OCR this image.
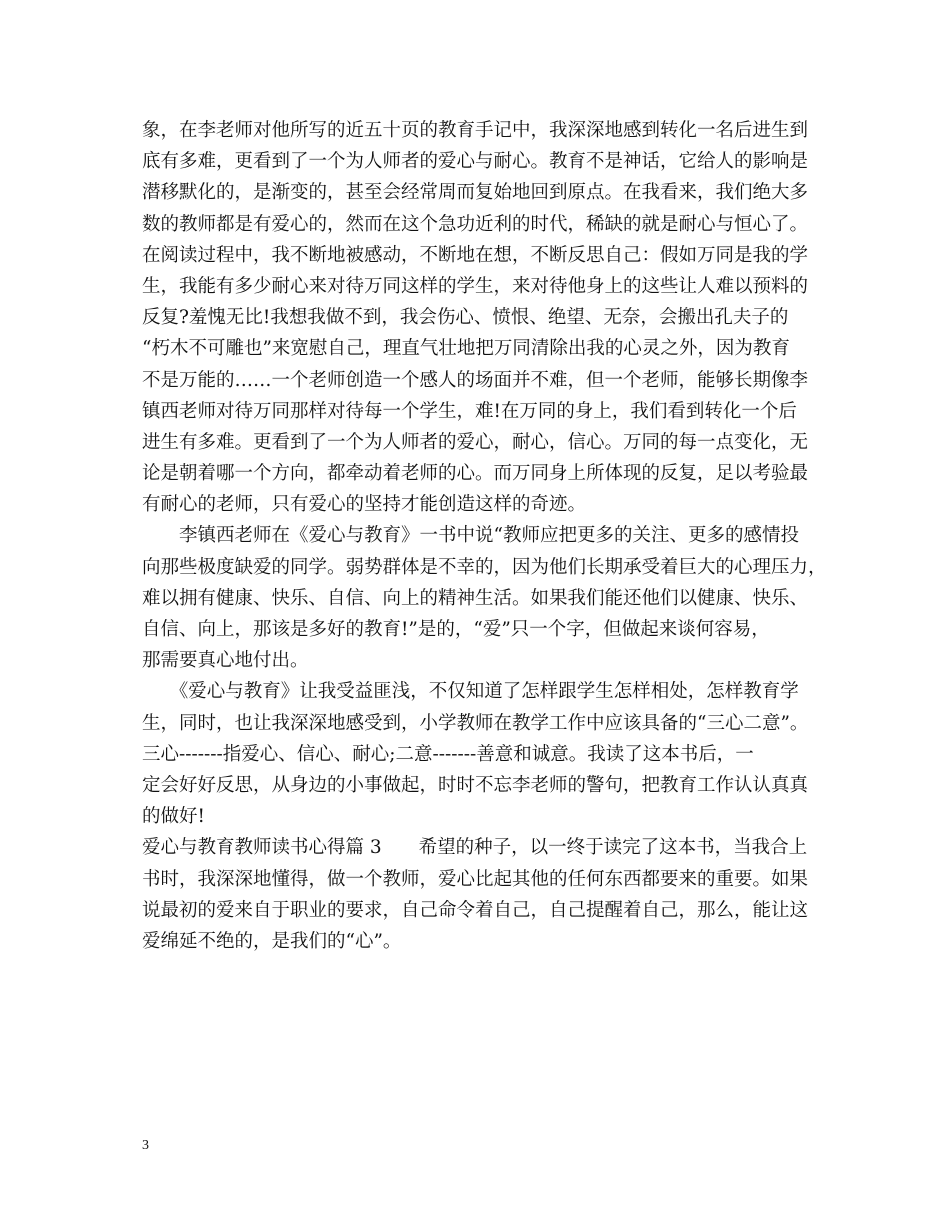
象，在李老师对他所写的近五十页的教育手记中，我深深地感到转化一名后进生到
底有多难，更看到了一个为人师者的爱心与耐心。教育不是神话，它给人的影响是
潜移默化的，是渐变的，甚至会经常周而复始地回到原点。在我看来，我们绝大多
数的教师都是有爱心的，然而在这个急功近利的时代，稀缺的就是耐心与恒心了。
在阅读过程中，我不断地被感动，不断地在想，不断反思自己：假如万同是我的学
生，我能有多少耐心来对待万同这样的学生，来对待他身上的这些让人难以预料的
反复?羞愧无比!我想我做不到，我会伤心、愤恨、绝望、无奈，会搬出孔夫子的
“朽木不可雕也”来宽慰自己，理直气壮地把万同清除出我的心灵之外，因为教育
不是万能的……一个老师创造一个感人的场面并不难，但一个老师，能够长期像李
镇西老师对待万同那样对待每一个学生，难!在万同的身上，我们看到转化一个后
进生有多难。更看到了一个为人师者的爱心，耐心，信心。万同的每一点变化，无
论是朝着哪一个方向，都牵动着老师的心。而万同身上所体现的反复，足以考验最
有耐心的老师，只有爱心的坚持才能创造这样的奇迹。
　　李镇西老师在《爱心与教育》一书中说“教师应把更多的关注、更多的感情投
向那些极度缺爱的同学。弱势群体是不幸的，因为他们长期承受着巨大的心理压力，
难以拥有健康、快乐、自信、向上的精神生活。如果我们能还他们以健康、快乐、
自信、向上，那该是多好的教育!”是的，“爱”只一个字，但做起来谈何容易，
那需要真心地付出。
　　《爱心与教育》让我受益匪浅，不仅知道了怎样跟学生怎样相处，怎样教育学
生，同时，也让我深深地感受到，小学教师在教学工作中应该具备的“三心二意”。
三心-------指爱心、信心、耐心;二意-------善意和诚意。我读了这本书后，一
定会好好反思，从身边的小事做起，时时不忘李老师的警句，把教育工作认认真真
的做好!
爱心与教育教师读书心得篇 3　　希望的种子，以一终于读完了这本书，当我合上
书时，我深深地懂得，做一个教师，爱心比起其他的任何东西都要来的重要。如果
说最初的爱来自于职业的要求，自己命令着自己，自己提醒着自己，那么，能让这
爱绵延不绝的，是我们的“心”。
3
